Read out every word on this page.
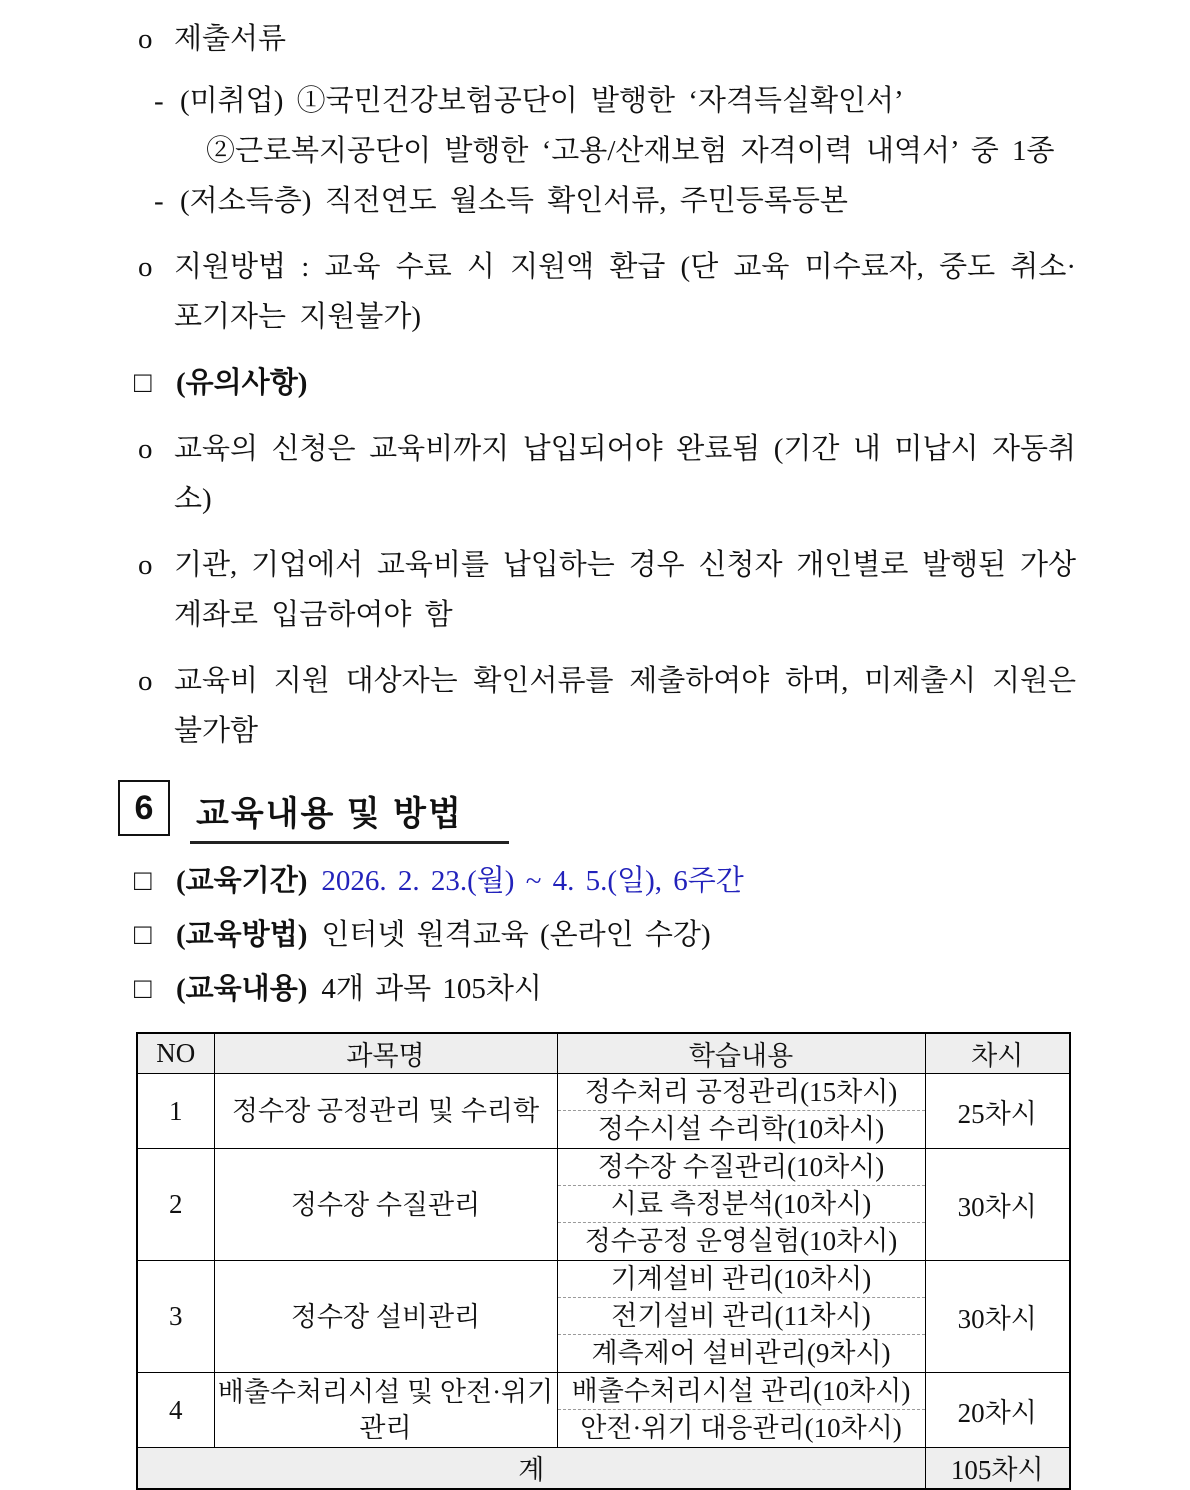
o 제출서류
- (미취업) ①국민건강보험공단이 발행한 ‘자격득실확인서’
②근로복지공단이 발행한 ‘고용/산재보험 자격이력 내역서’ 중 1종
- (저소득층) 직전연도 월소득 확인서류, 주민등록등본
o 지원방법 : 교육 수료 시 지원액 환급 (단 교육 미수료자, 중도 취소·포기자는 지원불가)
□ (유의사항)
o 교육의 신청은 교육비까지 납입되어야 완료됨 (기간 내 미납시 자동취소)
o 기관, 기업에서 교육비를 납입하는 경우 신청자 개인별로 발행된 가상계좌로 입금하여야 함
o 교육비 지원 대상자는 확인서류를 제출하여야 하며, 미제출시 지원은 불가함
6	교육내용 및 방법
□ (교육기간) 2026. 2. 23.(월) ~ 4. 5.(일), 6주간
□ (교육방법) 인터넷 원격교육 (온라인 수강)
□ (교육내용) 4개 과목 105차시
NO	과목명	학습내용	차시
1	정수장 공정관리 및 수리학	정수처리 공정관리(15차시)
정수시설 수리학(10차시)	25차시
2	정수장 수질관리	정수장 수질관리(10차시)
시료 측정분석(10차시)
정수공정 운영실험(10차시)	30차시
3	정수장 설비관리	기계설비 관리(10차시)
전기설비 관리(11차시)
계측제어 설비관리(9차시)	30차시
4	배출수처리시설 및 안전·위기관리	배출수처리시설 관리(10차시)
안전·위기 대응관리(10차시)	20차시
계			105차시
